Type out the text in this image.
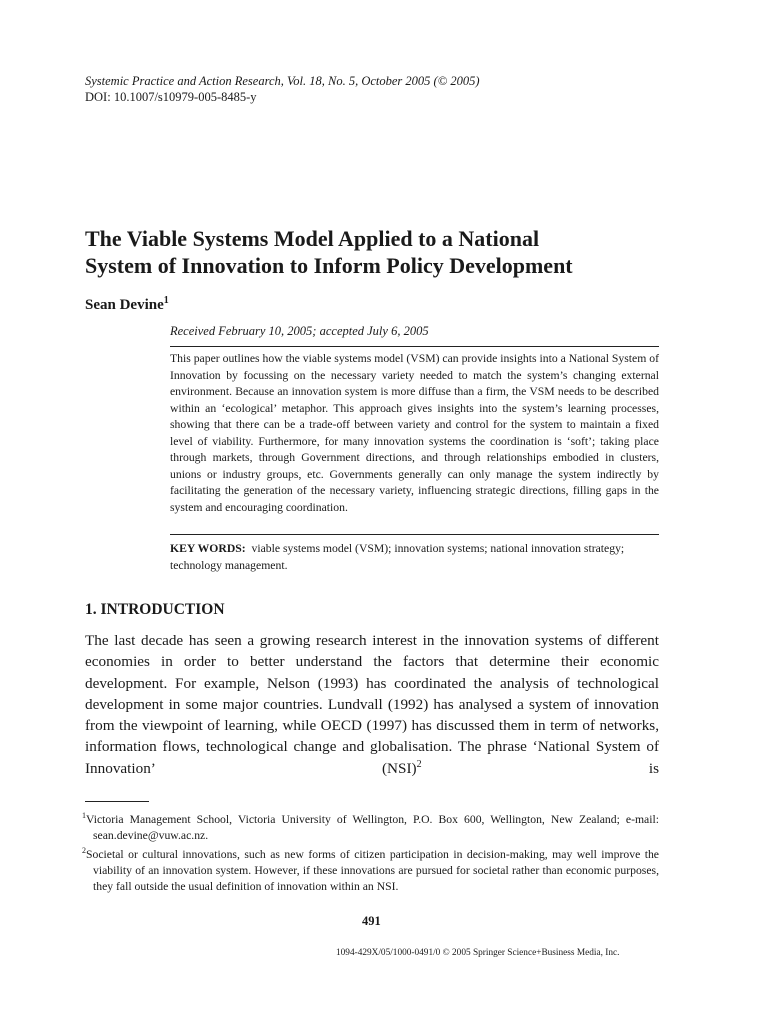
Systemic Practice and Action Research, Vol. 18, No. 5, October 2005 (© 2005)
DOI: 10.1007/s10979-005-8485-y
The Viable Systems Model Applied to a National
System of Innovation to Inform Policy Development

Sean Devine$^1$

Received February 10, 2005; accepted July 6, 2005

This paper outlines how the viable systems model (VSM) can provide insights into a National System of Innovation by focussing on the necessary variety needed to match the system’s changing external environment. Because an innovation system is more diffuse than a firm, the VSM needs to be described within an ‘ecological’ metaphor. This approach gives insights into the system’s learning processes, showing that there can be a trade-off between variety and control for the system to maintain a fixed level of viability. Furthermore, for many innovation systems the coordination is ‘soft’; taking place through markets, through Government directions, and through relationships embodied in clusters, unions or industry groups, etc. Governments generally can only manage the system indirectly by facilitating the generation of the necessary variety, influencing strategic directions, filling gaps in the system and encouraging coordination.

KEY WORDS: viable systems model (VSM); innovation systems; national innovation strategy; technology management.

1. INTRODUCTION

The last decade has seen a growing research interest in the innovation systems of different economies in order to better understand the factors that determine their economic development. For example, Nelson (1993) has coordinated the analysis of technological development in some major countries. Lundvall (1992) has analysed a system of innovation from the viewpoint of learning, while OECD (1997) has discussed them in term of networks, information flows, technological change and globalisation. The phrase ‘National System of Innovation’ (NSI)$^2$ is

$^1$Victoria Management School, Victoria University of Wellington, P.O. Box 600, Wellington, New Zealand; e-mail: sean.devine@vuw.ac.nz.

$^2$Societal or cultural innovations, such as new forms of citizen participation in decision-making, may well improve the viability of an innovation system. However, if these innovations are pursued for societal rather than economic purposes, they fall outside the usual definition of innovation within an NSI.

491
1094-429X/05/1000-0491/0 © 2005 Springer Science+Business Media, Inc.
